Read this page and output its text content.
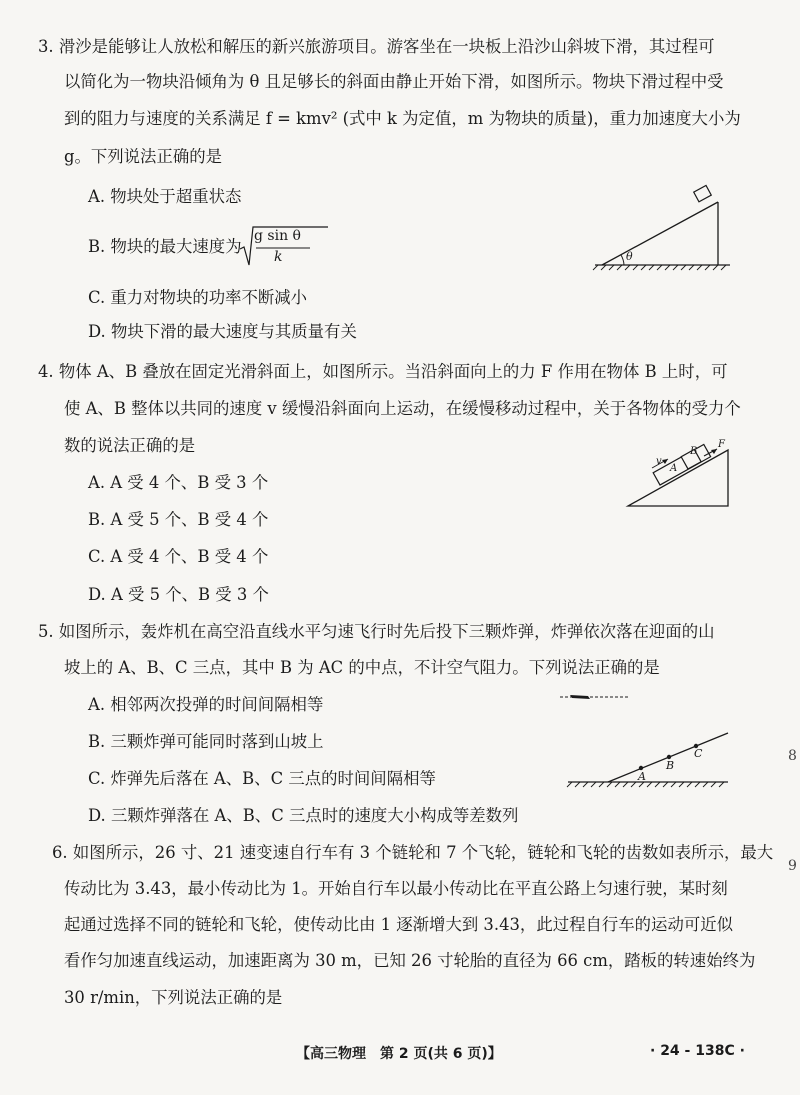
3. 滑沙是能够让人放松和解压的新兴旅游项目。游客坐在一块板上沿沙山斜坡下滑，其过程可
以简化为一物块沿倾角为 θ 且足够长的斜面由静止开始下滑，如图所示。物块下滑过程中受
到的阻力与速度的关系满足 f = kmv² (式中 k 为定值，m 为物块的质量)，重力加速度大小为
g。下列说法正确的是
A. 物块处于超重状态
B. 物块的最大速度为
g sin θ
k
C. 重力对物块的功率不断减小
D. 物块下滑的最大速度与其质量有关
θ
4. 物体 A、B 叠放在固定光滑斜面上，如图所示。当沿斜面向上的力 F 作用在物体 B 上时，可
使 A、B 整体以共同的速度 v 缓慢沿斜面向上运动，在缓慢移动过程中，关于各物体的受力个
数的说法正确的是
A. A 受 4 个、B 受 3 个
B. A 受 5 个、B 受 4 个
C. A 受 4 个、B 受 4 个
D. A 受 5 个、B 受 3 个
A
B
F
v
5. 如图所示，轰炸机在高空沿直线水平匀速飞行时先后投下三颗炸弹，炸弹依次落在迎面的山
坡上的 A、B、C 三点，其中 B 为 AC 的中点，不计空气阻力。下列说法正确的是
A. 相邻两次投弹的时间间隔相等
B. 三颗炸弹可能同时落到山坡上
C. 炸弹先后落在 A、B、C 三点的时间间隔相等
D. 三颗炸弹落在 A、B、C 三点时的速度大小构成等差数列
A
B
C
6. 如图所示，26 寸、21 速变速自行车有 3 个链轮和 7 个飞轮，链轮和飞轮的齿数如表所示，最大
传动比为 3.43，最小传动比为 1。开始自行车以最小传动比在平直公路上匀速行驶，某时刻
起通过选择不同的链轮和飞轮，使传动比由 1 逐渐增大到 3.43，此过程自行车的运动可近似
看作匀加速直线运动，加速距离为 30 m，已知 26 寸轮胎的直径为 66 cm，踏板的转速始终为
30 r/min，下列说法正确的是
8
9
【高三物理　第 2 页(共 6 页)】	· 24 - 138C ·
